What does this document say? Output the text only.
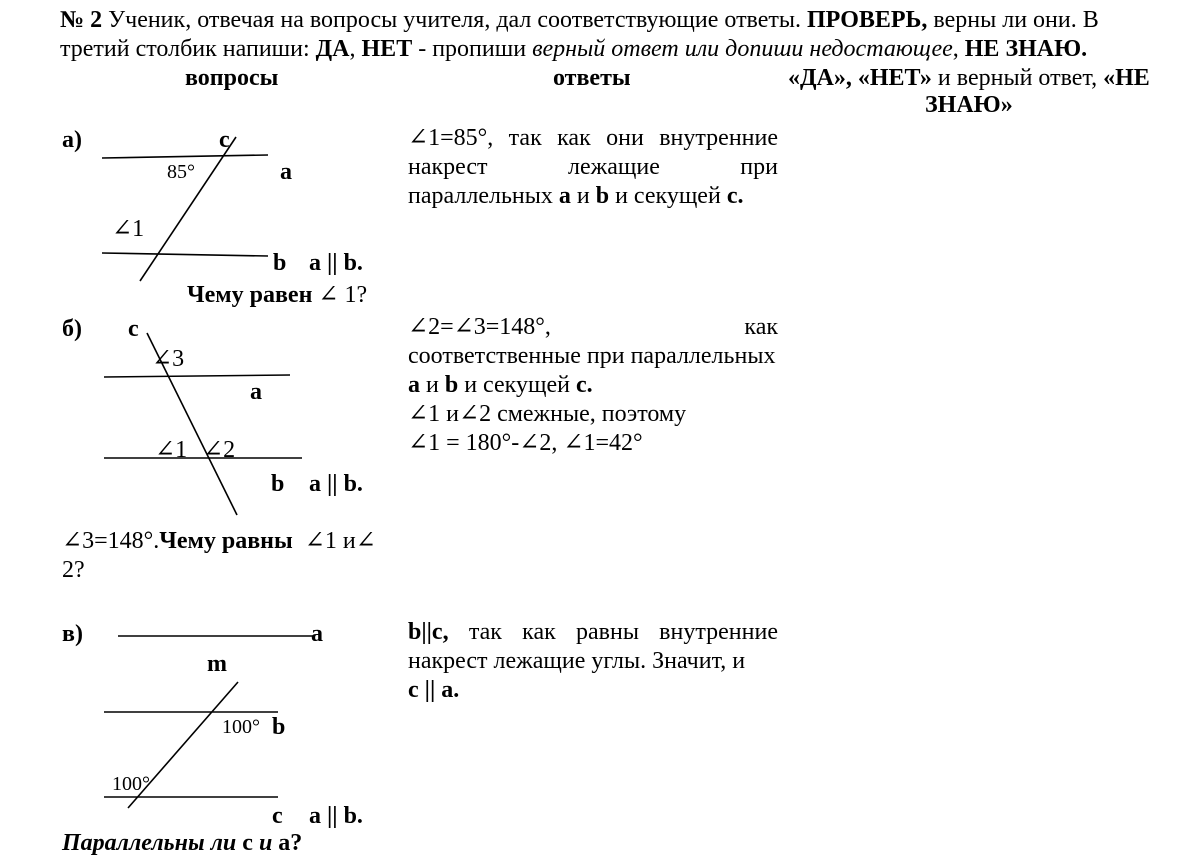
№ 2 Ученик, отвечая на вопросы учителя, дал соответствующие ответы. ПРОВЕРЬ, верны ли они. В
третий столбик напиши: ДА, НЕТ - пропиши верный ответ или допиши недостающее, НЕ ЗНАЮ.
вопросы	ответы	«ДА», «НЕТ» и верный ответ, «НЕ
ЗНАЮ»
а)	c
85°	a
∠1
b a || b.
Чему равен ∠ 1?
∠1=85°, так как они внутренние
накрест	лежащие	при
параллельных a и b и секущей c.
б) c
∠3
a
∠1 ∠2
b a || b.
∠3=148°.Чему равны ∠1 и∠
2?
∠2=∠3=148°,	как
соответственные при параллельных
a и b и секущей c.
∠1 и∠2 смежные, поэтому
∠1 = 180°-∠2, ∠1=42°
в)	a
m
100° b
100°
c a || b.
Параллельны ли c и a?
b||c, так как равны внутренние
накрест лежащие углы. Значит, и
c || a.
